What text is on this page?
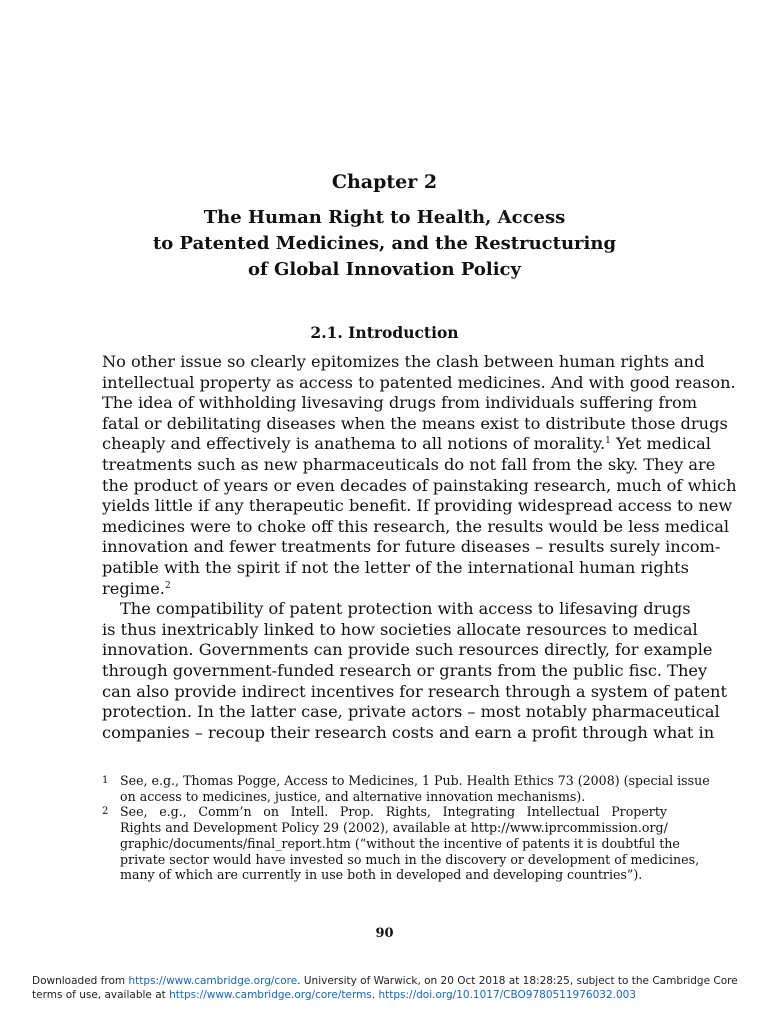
Chapter 2
The Human Right to Health, Access
to Patented Medicines, and the Restructuring
of Global Innovation Policy
2.1. Introduction
No other issue so clearly epitomizes the clash between human rights and
intellectual property as access to patented medicines. And with good reason.
The idea of withholding livesaving drugs from individuals suffering from
fatal or debilitating diseases when the means exist to distribute those drugs
cheaply and effectively is anathema to all notions of morality.$^1$ Yet medical
treatments such as new pharmaceuticals do not fall from the sky. They are
the product of years or even decades of painstaking research, much of which
yields little if any therapeutic benefit. If providing widespread access to new
medicines were to choke off this research, the results would be less medical
innovation and fewer treatments for future diseases – results surely incom-
patible with the spirit if not the letter of the international human rights
regime.$^2$
The compatibility of patent protection with access to lifesaving drugs
is thus inextricably linked to how societies allocate resources to medical
innovation. Governments can provide such resources directly, for example
through government-funded research or grants from the public fisc. They
can also provide indirect incentives for research through a system of patent
protection. In the latter case, private actors – most notably pharmaceutical
companies – recoup their research costs and earn a profit through what in
1 See, e.g., Thomas Pogge, Access to Medicines, 1 Pub. Health Ethics 73 (2008) (special issue
on access to medicines, justice, and alternative innovation mechanisms).
2 See, e.g., Comm’n on Intell. Prop. Rights, Integrating Intellectual Property
Rights and Development Policy 29 (2002), available at http://www.iprcommission.org/
graphic/documents/final_report.htm (“without the incentive of patents it is doubtful the
private sector would have invested so much in the discovery or development of medicines,
many of which are currently in use both in developed and developing countries”).
90
Downloaded from https://www.cambridge.org/core. University of Warwick, on 20 Oct 2018 at 18:28:25, subject to the Cambridge Core terms of use, available at https://www.cambridge.org/core/terms. https://doi.org/10.1017/CBO9780511976032.003
